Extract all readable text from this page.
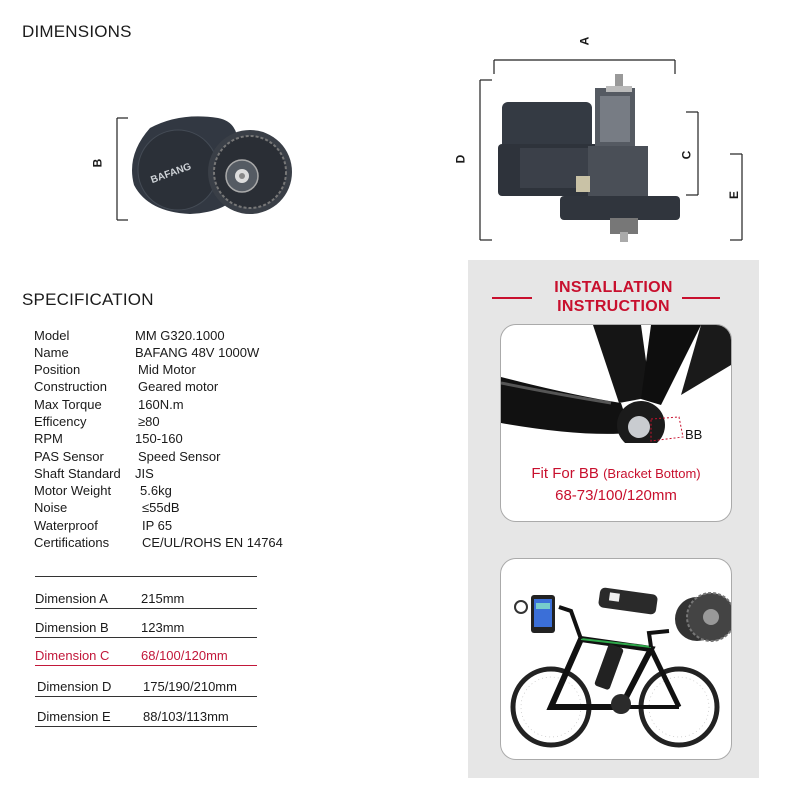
DIMENSIONS
BAFANG
B
A
D	C
E
SPECIFICATION
Model	MM G320.1000
Name	BAFANG 48V 1000W
Position	Mid Motor
Construction Geared motor
Max Torque	160N.m
Efficency	≥80
RPM	150-160
PAS Sensor	Speed Sensor
Shaft Standard JIS
Motor Weight 5.6kg
Noise	≤55dB
Waterproof	IP 65
Certifications	CE/UL/ROHS EN 14764
Dimension A	215mm
Dimension B 123mm
Dimension C 68/100/120mm
Dimension D 175/190/210mm
Dimension E 88/103/113mm
INSTALLATION
INSTRUCTION
BB
Fit For BB (Bracket Bottom)
68-73/100/120mm
